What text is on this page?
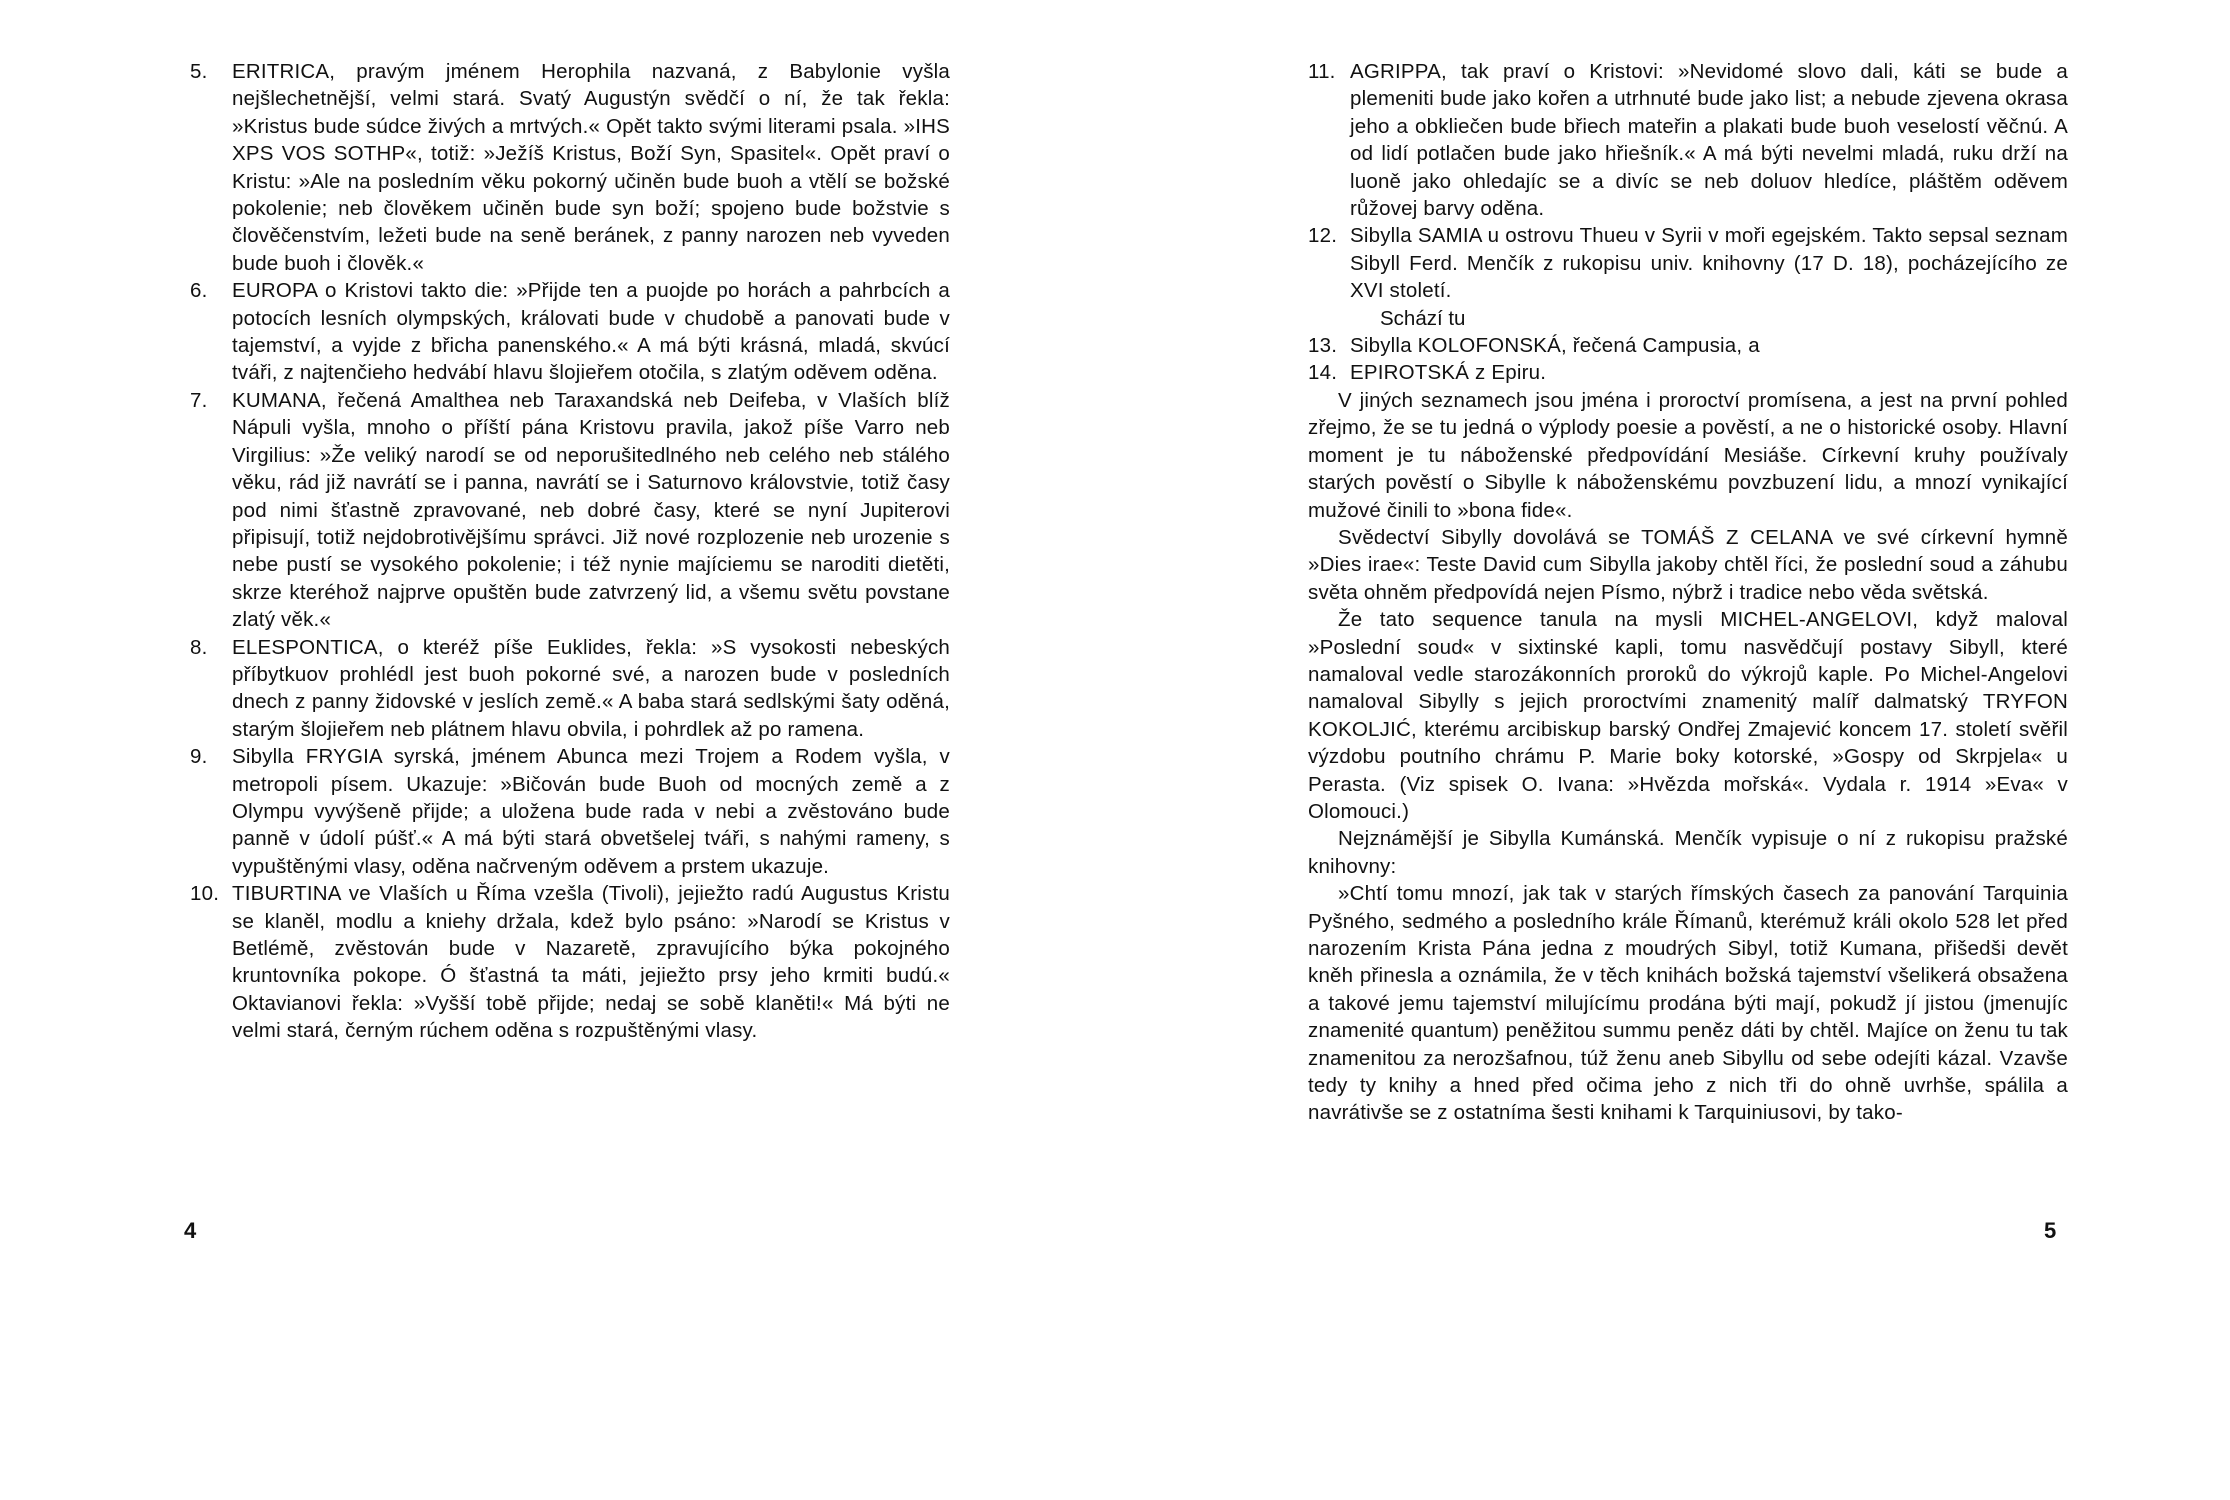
5.	ERITRICA, pravým jménem Herophila nazvaná, z Babylonie vyšla nejšlechetnější, velmi stará. Svatý Augustýn svědčí o ní, že tak řekla: »Kristus bude súdce živých a mrtvých.« Opět takto svými literami psala. »IHS XPS VOS SOTHP«, totiž: »Ježíš Kristus, Boží Syn, Spasitel«. Opět praví o Kristu: »Ale na posledním věku pokorný učiněn bude buoh a vtělí se božské pokolenie; neb člověkem učiněn bude syn boží; spojeno bude božstvie s člověčenstvím, ležeti bude na seně beránek, z panny narozen neb vyveden bude buoh i člověk.«
6.	EUROPA o Kristovi takto die: »Přijde ten a puojde po horách a pahrbcích a potocích lesních olympských, královati bude v chudobě a panovati bude v tajemství, a vyjde z břicha panenského.« A má býti krásná, mladá, skvúcí tváři, z najtenčieho hedvábí hlavu šlojieřem otočila, s zlatým oděvem oděna.
7.	KUMANA, řečená Amalthea neb Taraxandská neb Deifeba, v Vlaších blíž Nápuli vyšla, mnoho o příští pána Kristovu pravila, jakož píše Varro neb Virgilius: »Že veliký narodí se od neporušitedlného neb celého neb stálého věku, rád již navrátí se i panna, navrátí se i Saturnovo královstvie, totiž časy pod nimi šťastně zpravované, neb dobré časy, které se nyní Jupiterovi připisují, totiž nejdobrotivějšímu správci. Již nové rozplozenie neb urozenie s nebe pustí se vysokého pokolenie; i též nynie majíciemu se naroditi dietěti, skrze kteréhož najprve opuštěn bude zatvrzený lid, a všemu světu povstane zlatý věk.«
8.	ELESPONTICA, o kteréž píše Euklides, řekla: »S vysokosti nebeských příbytkuov prohlédl jest buoh pokorné své, a narozen bude v posledních dnech z panny židovské v jeslích země.« A baba stará sedlskými šaty oděná, starým šlojieřem neb plátnem hlavu obvila, i pohrdlek až po ramena.
9.	Sibylla FRYGIA syrská, jménem Abunca mezi Trojem a Rodem vyšla, v metropoli písem. Ukazuje: »Bičován bude Buoh od mocných země a z Olympu vyvýšeně přijde; a uložena bude rada v nebi a zvěstováno bude panně v údolí púšť.« A má býti stará obvetšelej tváři, s nahými rameny, s vypuštěnými vlasy, oděna načrveným oděvem a prstem ukazuje.
10. TIBURTINA ve Vlaších u Říma vzešla (Tivoli), jejiežto radú Augustus Kristu se klaněl, modlu a kniehy držala, kdež bylo psáno: »Narodí se Kristus v Betlémě, zvěstován bude v Nazaretě, zpravujícího býka pokojného kruntovníka pokope. Ó šťastná ta máti, jejiežto prsy jeho krmiti budú.« Oktavianovi řekla: »Vyšší tobě přijde; nedaj se sobě klaněti!« Má býti ne velmi stará, černým rúchem oděna s rozpuštěnými vlasy.
4
11. AGRIPPA, tak praví o Kristovi: »Nevidomé slovo dali, káti se bude a plemeniti bude jako kořen a utrhnuté bude jako list; a nebude zjevena okrasa jeho a obkliečen bude břiech mateřin a plakati bude buoh veselostí věčnú. A od lidí potlačen bude jako hřiešník.« A má býti nevelmi mladá, ruku drží na luoně jako ohledajíc se a divíc se neb doluov hledíce, pláštěm oděvem růžovej barvy oděna.
12. Sibylla SAMIA u ostrovu Thueu v Syrii v moři egejském. Takto sepsal seznam Sibyll Ferd. Menčík z rukopisu univ. knihovny (17 D. 18), pocházejícího ze XVI století.
Schází tu
13. Sibylla KOLOFONSKÁ, řečená Campusia, a
14. EPIROTSKÁ z Epiru.
V jiných seznamech jsou jména i proroctví promísena, a jest na první pohled zřejmo, že se tu jedná o výplody poesie a pověstí, a ne o historické osoby. Hlavní moment je tu náboženské předpovídání Mesiáše. Církevní kruhy používaly starých pověstí o Sibylle k náboženskému povzbuzení lidu, a mnozí vynikající mužové činili to »bona fide«.
Svědectví Sibylly dovolává se TOMÁŠ Z CELANA ve své církevní hymně »Dies irae«: Teste David cum Sibylla jakoby chtěl říci, že poslední soud a záhubu světa ohněm předpovídá nejen Písmo, nýbrž i tradice nebo věda světská.
Že tato sequence tanula na mysli MICHEL-ANGELOVI, když maloval »Poslední soud« v sixtinské kapli, tomu nasvědčují postavy Sibyll, které namaloval vedle starozákonních proroků do výkrojů kaple. Po Michel-Angelovi namaloval Sibylly s jejich proroctvími znamenitý malíř dalmatský TRYFON KOKOLJIĆ, kterému arcibiskup barský Ondřej Zmajević koncem 17. století svěřil výzdobu poutního chrámu P. Marie boky kotorské, »Gospy od Skrpjela« u Perasta. (Viz spisek O. Ivana: »Hvězda mořská«. Vydala r. 1914 »Eva« v Olomouci.)
Nejznámější je Sibylla Kumánská. Menčík vypisuje o ní z rukopisu pražské knihovny:
»Chtí tomu mnozí, jak tak v starých římských časech za panování Tarquinia Pyšného, sedmého a posledního krále Římanů, kterémuž králi okolo 528 let před narozením Krista Pána jedna z moudrých Sibyl, totiž Kumana, přišedši devět kněh přinesla a oznámila, že v těch knihách božská tajemství všelikerá obsažena a takové jemu tajemství milujícímu prodána býti mají, pokudž jí jistou (jmenujíc znamenité quantum) peněžitou summu peněz dáti by chtěl. Majíce on ženu tu tak znamenitou za nerozšafnou, túž ženu aneb Sibyllu od sebe odejíti kázal. Vzavše tedy ty knihy a hned před očima jeho z nich tři do ohně uvrhše, spálila a navrátivše se z ostatníma šesti knihami k Tarquiniusovi, by tako-
5
